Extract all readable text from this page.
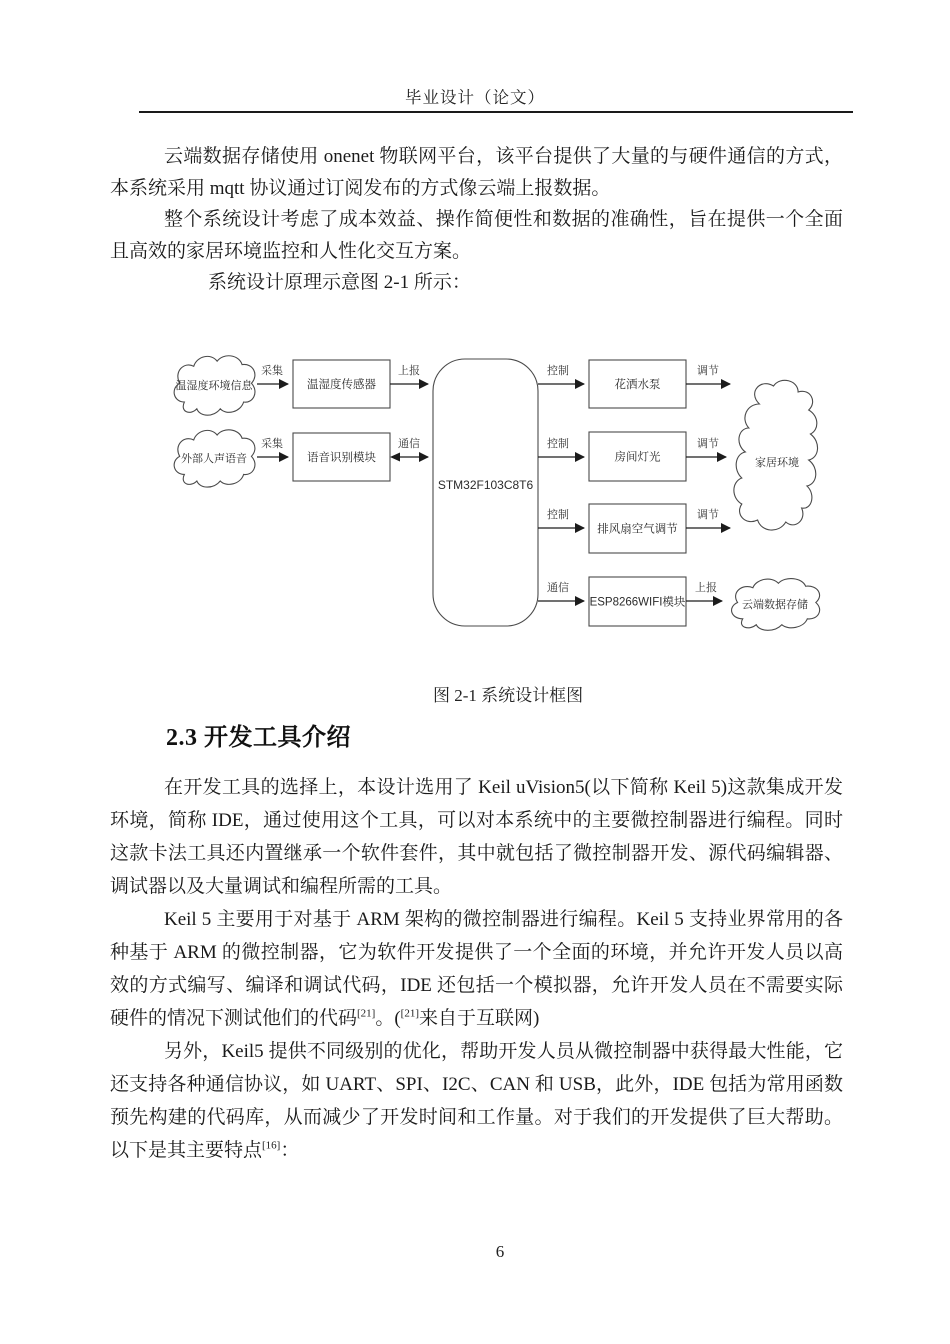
毕业设计（论文）

云端数据存储使用 onenet 物联网平台，该平台提供了大量的与硬件通信的方式，本系统采用 mqtt 协议通过订阅发布的方式像云端上报数据。

整个系统设计考虑了成本效益、操作简便性和数据的准确性，旨在提供一个全面且高效的家居环境监控和人性化交互方案。

系统设计原理示意图 2-1 所示：

温湿度环境信息
外部人声语音	家居环境
云端数据存储
温湿度传感器
语音识别模块
STM32F103C8T6
花洒水泵
房间灯光
排风扇空气调节
ESP8266WIFI模块
采集	上报	控制	调节
采集	通信	控制	调节
控制	调节
通信	上报
图 2-1 系统设计框图
2.3 开发工具介绍

在开发工具的选择上，本设计选用了 Keil uVision5(以下简称 Keil 5)这款集成开发环境，简称 IDE，通过使用这个工具，可以对本系统中的主要微控制器进行编程。同时这款卡法工具还内置继承一个软件套件，其中就包括了微控制器开发、源代码编辑器、调试器以及大量调试和编程所需的工具。

Keil 5 主要用于对基于 ARM 架构的微控制器进行编程。Keil 5 支持业界常用的各种基于 ARM 的微控制器，它为软件开发提供了一个全面的环境，并允许开发人员以高效的方式编写、编译和调试代码，IDE 还包括一个模拟器，允许开发人员在不需要实际硬件的情况下测试他们的代码[21]。([21]来自于互联网)

另外，Keil5 提供不同级别的优化，帮助开发人员从微控制器中获得最大性能，它还支持各种通信协议，如 UART、SPI、I2C、CAN 和 USB，此外，IDE 包括为常用函数预先构建的代码库，从而减少了开发时间和工作量。对于我们的开发提供了巨大帮助。以下是其主要特点[16]：

6
